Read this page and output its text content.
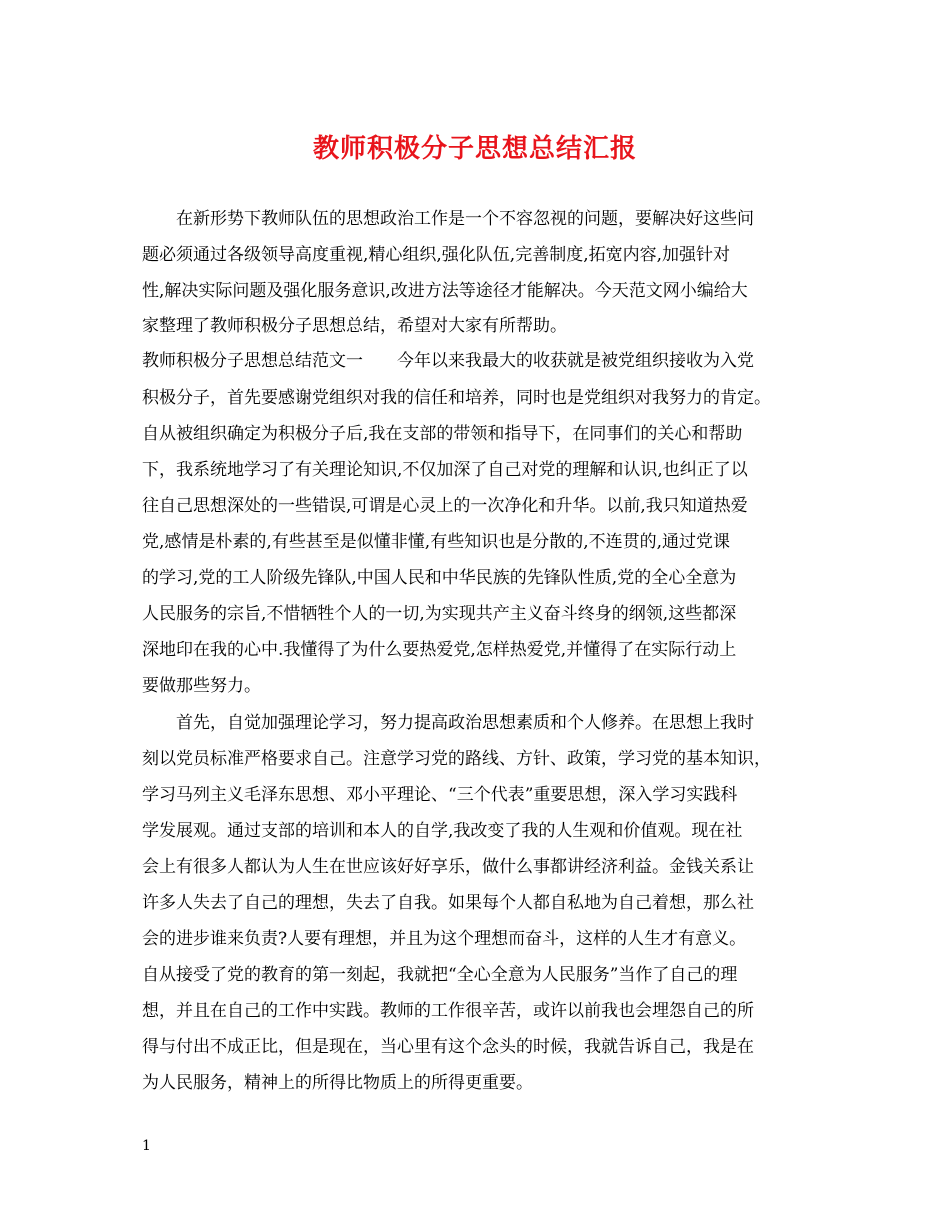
教师积极分子思想总结汇报
在新形势下教师队伍的思想政治工作是一个不容忽视的问题，要解决好这些问
题必须通过各级领导高度重视,精心组织,强化队伍,完善制度,拓宽内容,加强针对
性,解决实际问题及强化服务意识,改进方法等途径才能解决。今天范文网小编给大
家整理了教师积极分子思想总结，希望对大家有所帮助。
教师积极分子思想总结范文一　　今年以来我最大的收获就是被党组织接收为入党
积极分子，首先要感谢党组织对我的信任和培养，同时也是党组织对我努力的肯定。
自从被组织确定为积极分子后,我在支部的带领和指导下，在同事们的关心和帮助
下，我系统地学习了有关理论知识,不仅加深了自己对党的理解和认识,也纠正了以
往自己思想深处的一些错误,可谓是心灵上的一次净化和升华。以前,我只知道热爱
党,感情是朴素的,有些甚至是似懂非懂,有些知识也是分散的,不连贯的,通过党课
的学习,党的工人阶级先锋队,中国人民和中华民族的先锋队性质,党的全心全意为
人民服务的宗旨,不惜牺牲个人的一切,为实现共产主义奋斗终身的纲领,这些都深
深地印在我的心中.我懂得了为什么要热爱党,怎样热爱党,并懂得了在实际行动上
要做那些努力。
首先，自觉加强理论学习，努力提高政治思想素质和个人修养。在思想上我时
刻以党员标准严格要求自己。注意学习党的路线、方针、政策，学习党的基本知识，
学习马列主义毛泽东思想、邓小平理论、“三个代表”重要思想，深入学习实践科
学发展观。通过支部的培训和本人的自学,我改变了我的人生观和价值观。现在社
会上有很多人都认为人生在世应该好好享乐，做什么事都讲经济利益。金钱关系让
许多人失去了自己的理想，失去了自我。如果每个人都自私地为自己着想，那么社
会的进步谁来负责?人要有理想，并且为这个理想而奋斗，这样的人生才有意义。
自从接受了党的教育的第一刻起，我就把“全心全意为人民服务”当作了自己的理
想，并且在自己的工作中实践。教师的工作很辛苦，或许以前我也会埋怨自己的所
得与付出不成正比，但是现在，当心里有这个念头的时候，我就告诉自己，我是在
为人民服务，精神上的所得比物质上的所得更重要。
1
